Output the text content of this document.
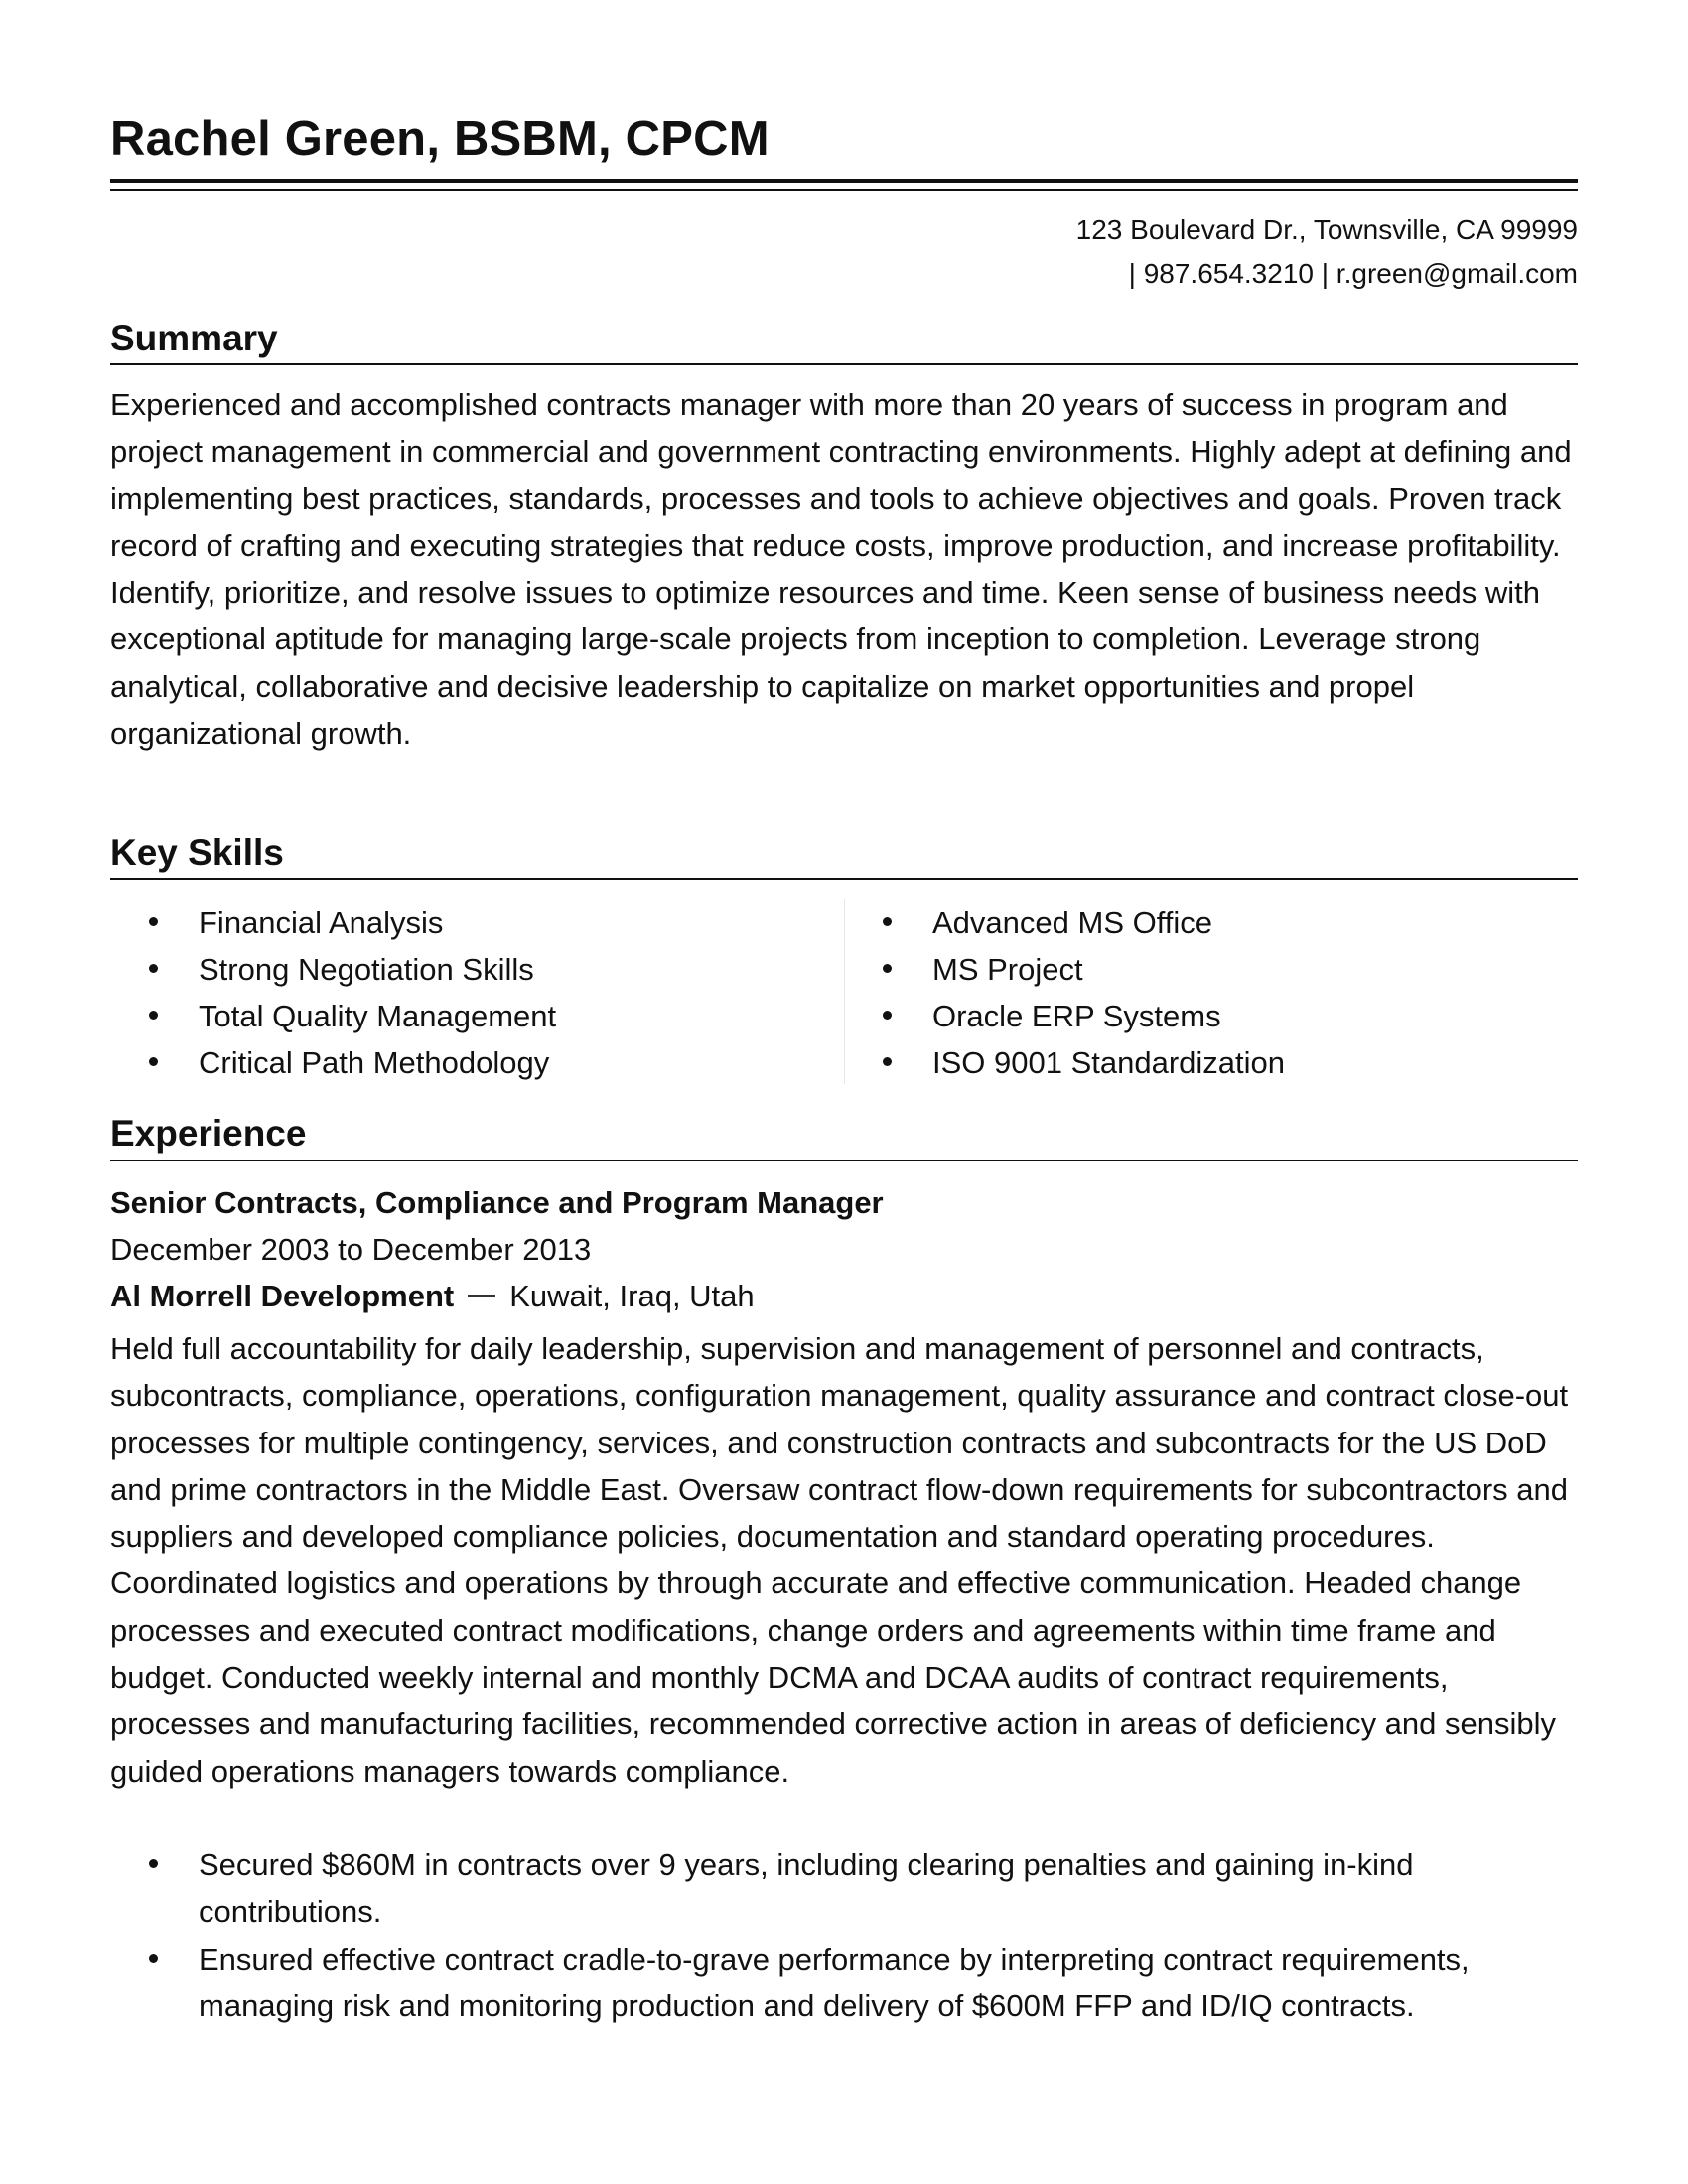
Rachel Green, BSBM, CPCM
123 Boulevard Dr., Townsville, CA 99999
| 987.654.3210 | r.green@gmail.com
Summary
Experienced and accomplished contracts manager with more than 20 years of success in program and project management in commercial and government contracting environments. Highly adept at defining and implementing best practices, standards, processes and tools to achieve objectives and goals. Proven track record of crafting and executing strategies that reduce costs, improve production, and increase profitability. Identify, prioritize, and resolve issues to optimize resources and time. Keen sense of business needs with exceptional aptitude for managing large-scale projects from inception to completion. Leverage strong analytical, collaborative and decisive leadership to capitalize on market opportunities and propel organizational growth.
Key Skills
Financial Analysis
Strong Negotiation Skills
Total Quality Management
Critical Path Methodology
Advanced MS Office
MS Project
Oracle ERP Systems
ISO 9001 Standardization
Experience
Senior Contracts, Compliance and Program Manager
December 2003 to December 2013
Al Morrell Development Kuwait, Iraq, Utah
Held full accountability for daily leadership, supervision and management of personnel and contracts, subcontracts, compliance, operations, configuration management, quality assurance and contract close-out processes for multiple contingency, services, and construction contracts and subcontracts for the US DoD and prime contractors in the Middle East. Oversaw contract flow-down requirements for subcontractors and suppliers and developed compliance policies, documentation and standard operating procedures. Coordinated logistics and operations by through accurate and effective communication. Headed change processes and executed contract modifications, change orders and agreements within time frame and budget. Conducted weekly internal and monthly DCMA and DCAA audits of contract requirements, processes and manufacturing facilities, recommended corrective action in areas of deficiency and sensibly guided operations managers towards compliance.
Secured $860M in contracts over 9 years, including clearing penalties and gaining in-kind contributions.
Ensured effective contract cradle-to-grave performance by interpreting contract requirements, managing risk and monitoring production and delivery of $600M FFP and ID/IQ contracts.
